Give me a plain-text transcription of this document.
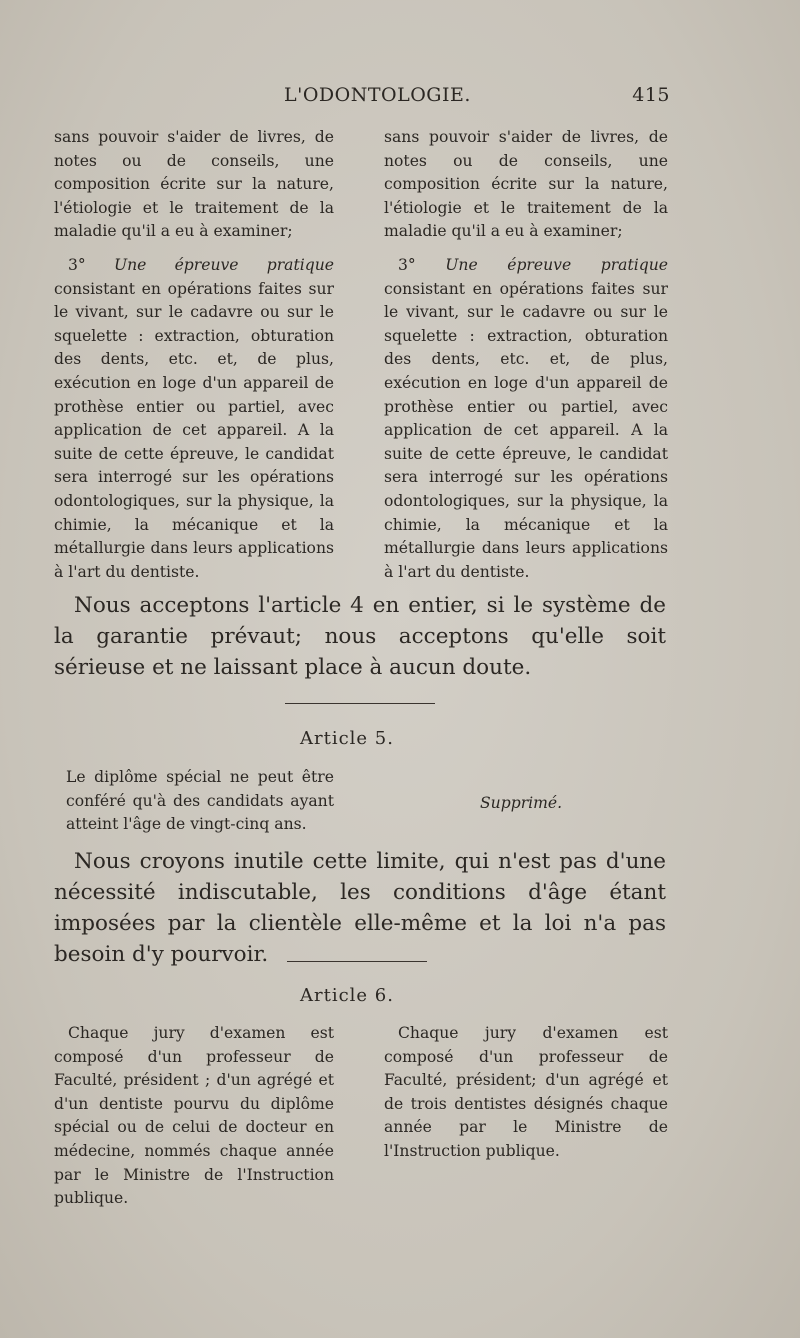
L'ODONTOLOGIE.	415

sans pouvoir s'aider de livres, de notes ou de conseils, une composition écrite sur la nature, l'étiologie et le traitement de la maladie qu'il a eu à examiner;

3° Une épreuve pratique consistant en opérations faites sur le vivant, sur le cadavre ou sur le squelette : extraction, obturation des dents, etc. et, de plus, exécution en loge d'un appareil de prothèse entier ou partiel, avec application de cet appareil. A la suite de cette épreuve, le candidat sera interrogé sur les opérations odontologiques, sur la physique, la chimie, la mécanique et la métallurgie dans leurs applications à l'art du dentiste.

sans pouvoir s'aider de livres, de notes ou de conseils, une composition écrite sur la nature, l'étiologie et le traitement de la maladie qu'il a eu à examiner;

3° Une épreuve pratique consistant en opérations faites sur le vivant, sur le cadavre ou sur le squelette : extraction, obturation des dents, etc. et, de plus, exécution en loge d'un appareil de prothèse entier ou partiel, avec application de cet appareil. A la suite de cette épreuve, le candidat sera interrogé sur les opérations odontologiques, sur la physique, la chimie, la mécanique et la métallurgie dans leurs applications à l'art du dentiste.

Nous acceptons l'article 4 en entier, si le système de la garantie prévaut; nous acceptons qu'elle soit sérieuse et ne laissant place à aucun doute.

Article 5.

Le diplôme spécial ne peut être conféré qu'à des candidats ayant atteint l'âge de vingt-cinq ans.

Supprimé.

Nous croyons inutile cette limite, qui n'est pas d'une nécessité indiscutable, les conditions d'âge étant imposées par la clientèle elle-même et la loi n'a pas besoin d'y pourvoir.

Article 6.

Chaque jury d'examen est composé d'un professeur de Faculté, président ; d'un agrégé et d'un dentiste pourvu du diplôme spécial ou de celui de docteur en médecine, nommés chaque année par le Ministre de l'Instruction publique.

Chaque jury d'examen est composé d'un professeur de Faculté, président; d'un agrégé et de trois dentistes désignés chaque année par le Ministre de l'Instruction publique.
